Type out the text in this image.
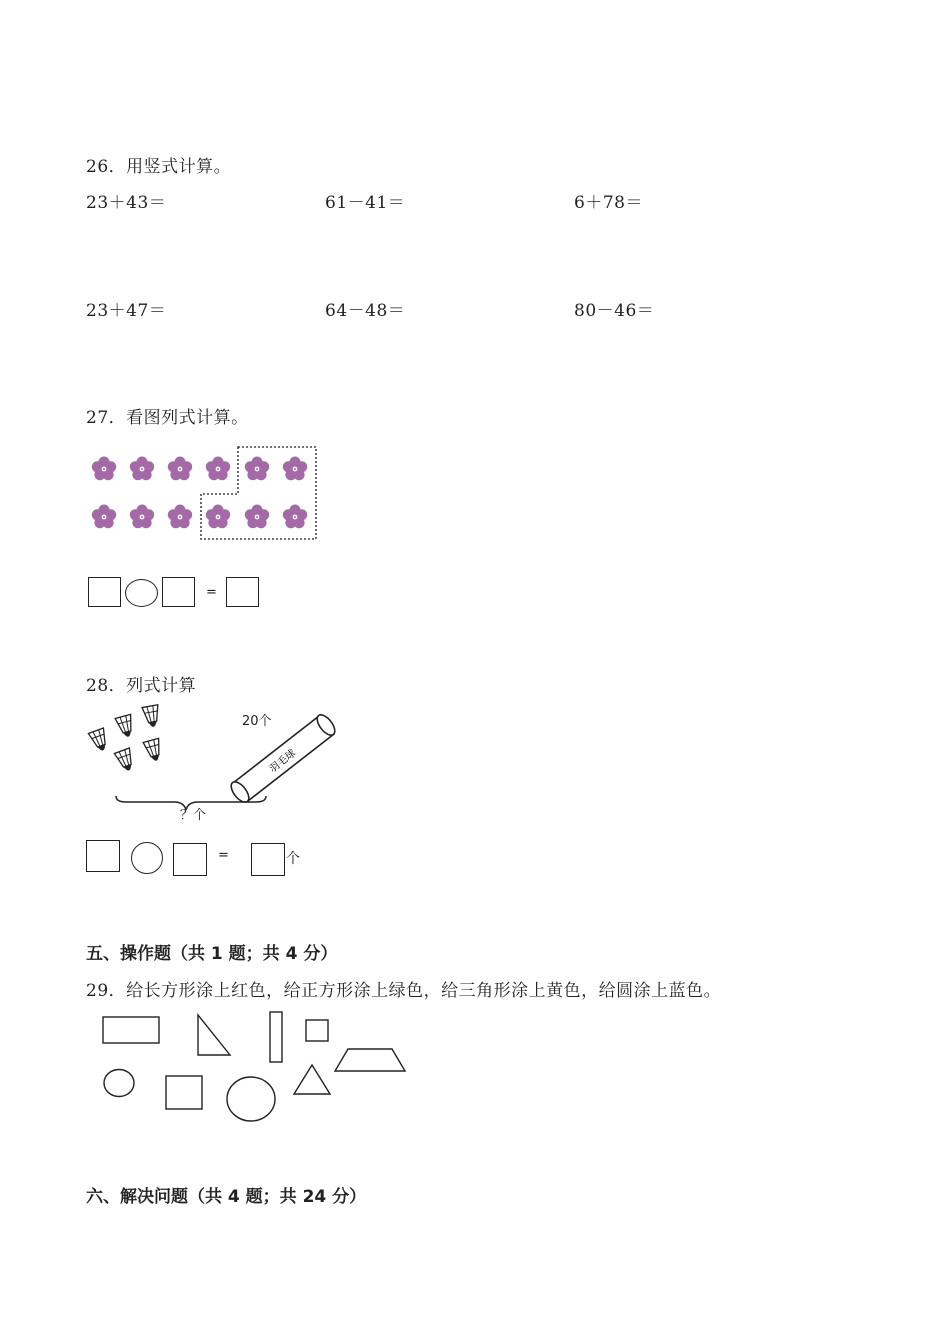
26．用竖式计算。
23＋43＝	61－41＝	6＋78＝
23＋47＝	64－48＝	80－46＝
27．看图列式计算。
=
28．列式计算
羽毛球
20个
？个
=	个
五、操作题（共 1 题；共 4 分）
29．给长方形涂上红色，给正方形涂上绿色，给三角形涂上黄色，给圆涂上蓝色。
六、解决问题（共 4 题；共 24 分）
